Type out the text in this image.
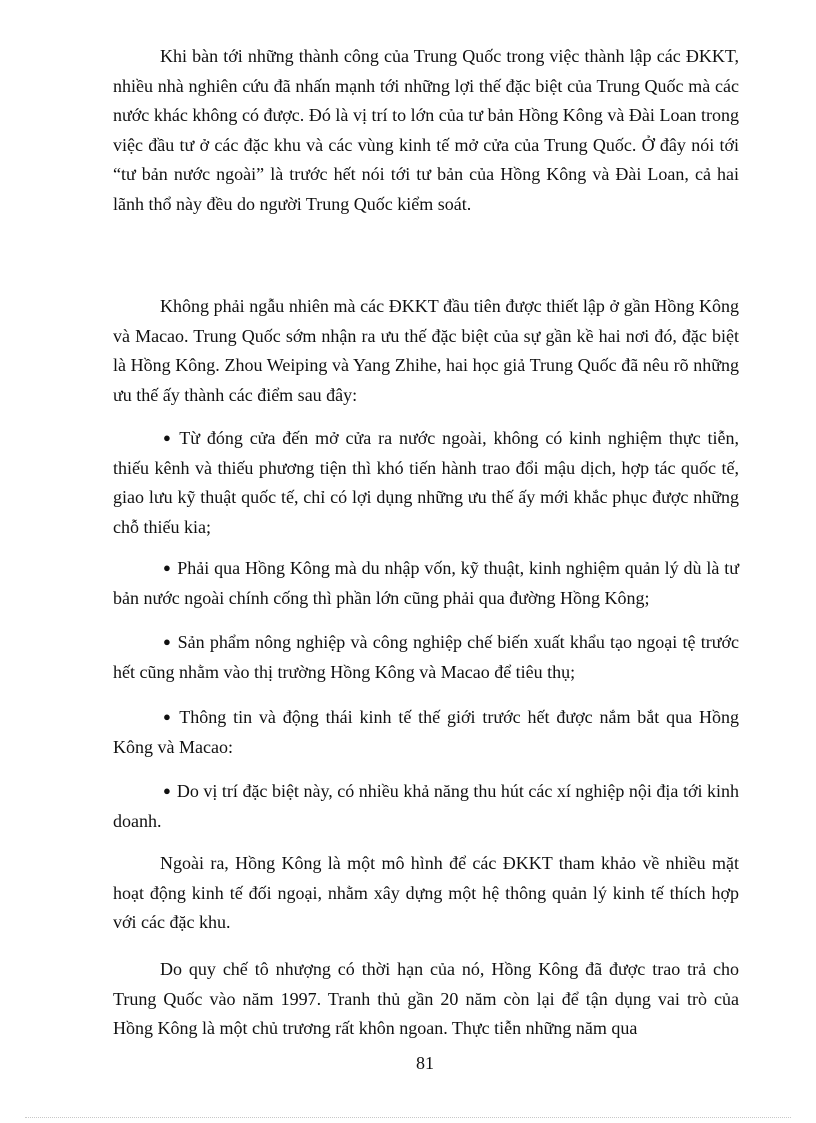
Khi bàn tới những thành công của Trung Quốc trong việc thành lập các ĐKKT, nhiều nhà nghiên cứu đã nhấn mạnh tới những lợi thế đặc biệt của Trung Quốc mà các nước khác không có được. Đó là vị trí to lớn của tư bản Hồng Kông và Đài Loan trong việc đầu tư ở các đặc khu và các vùng kinh tế mở cửa của Trung Quốc. Ở đây nói tới “tư bản nước ngoài” là trước hết nói tới tư bản của Hồng Kông và Đài Loan, cả hai lãnh thổ này đều do người Trung Quốc kiểm soát.

Không phải ngẫu nhiên mà các ĐKKT đầu tiên được thiết lập ở gần Hồng Kông và Macao. Trung Quốc sớm nhận ra ưu thế đặc biệt của sự gần kề hai nơi đó, đặc biệt là Hồng Kông. Zhou Weiping và Yang Zhihe, hai học giả Trung Quốc đã nêu rõ những ưu thế ấy thành các điểm sau đây:

● Từ đóng cửa đến mở cửa ra nước ngoài, không có kinh nghiệm thực tiễn, thiếu kênh và thiếu phương tiện thì khó tiến hành trao đổi mậu dịch, hợp tác quốc tế, giao lưu kỹ thuật quốc tế, chỉ có lợi dụng những ưu thế ấy mới khắc phục được những chỗ thiếu kia;

● Phải qua Hồng Kông mà du nhập vốn, kỹ thuật, kinh nghiệm quản lý dù là tư bản nước ngoài chính cống thì phần lớn cũng phải qua đường Hồng Kông;

● Sản phẩm nông nghiệp và công nghiệp chế biến xuất khẩu tạo ngoại tệ trước hết cũng nhằm vào thị trường Hồng Kông và Macao để tiêu thụ;

● Thông tin và động thái kinh tế thế giới trước hết được nắm bắt qua Hồng Kông và Macao:

● Do vị trí đặc biệt này, có nhiều khả năng thu hút các xí nghiệp nội địa tới kinh doanh.

Ngoài ra, Hồng Kông là một mô hình để các ĐKKT tham khảo về nhiều mặt hoạt động kinh tế đối ngoại, nhằm xây dựng một hệ thông quản lý kinh tế thích hợp với các đặc khu.

Do quy chế tô nhượng có thời hạn của nó, Hồng Kông đã được trao trả cho Trung Quốc vào năm 1997. Tranh thủ gần 20 năm còn lại để tận dụng vai trò của Hồng Kông là một chủ trương rất khôn ngoan. Thực tiễn những năm qua

81
